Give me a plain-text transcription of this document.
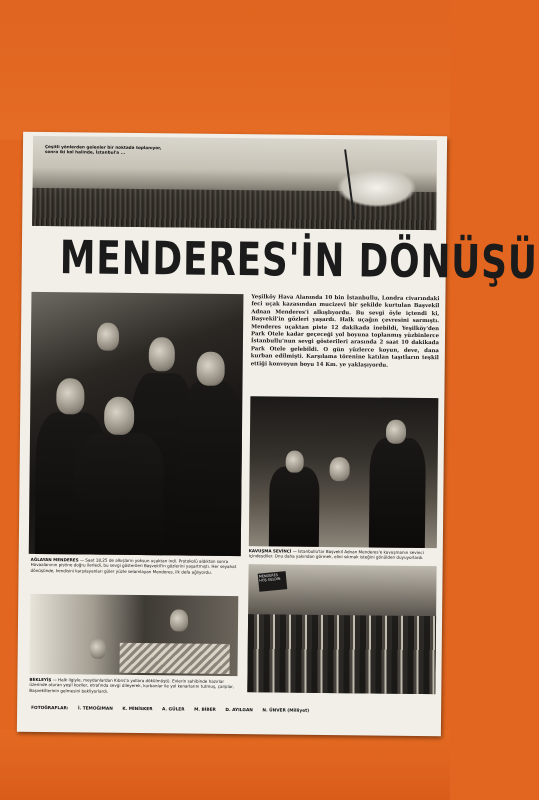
Çeşitli yönlerden gelenler bir noktada toplanıyor, sonra iki kol halinde, İstanbul'a ...
MENDERES'İN DÖNÜŞÜ
Yeşilköy Hava Alanında 10 bin İstanbullu, Londra civarındaki feci uçak kazasından mucizevi bir şekilde kurtulan Başvekil Adnan Menderes'i alkışlıyordu. Bu sevgi öyle içtendi ki, Başvekil'in gözleri yaşardı. Halk uçağın çevresini sarmıştı. Menderes uçaktan piste 12 dakikada inebildi, Yeşilköy'den Park Otele kadar geçeceği yol boyuna toplanmış yüzbinlerce İstanbullu'nun sevgi gösterileri arasında 2 saat 10 dakikada Park Otele gelebildi. O gün yüzlerce koyun, deve, dana kurban edilmişti. Karşılama törenine katılan taşıtların teşkil ettiği konvoyun boyu 14 Km. ye yaklaşıyordu.
KAVUŞMA SEVİNCİ — İstanbullu'lar Başvekil Adnan Menderes'e kavuşmanın sevinci içindeydiler. Onu daha yakından görmek, elini sıkmak isteğini gönülden duyuyorlardı.
AĞLAYAN MENDERES — Saat 18,25 de alkışların yoksun uçaktan indi. Protokolü aldıktan sonra Havaalanının pistine doğru ilerledi, bu sevgi gösterileri Başvekil'in gözlerini yaşartmıştı. Her seyahat dönüşünde, kendisini karşılayanları güler yüzle selamlayan Menderes, ilk defa ağlıyordu.
BEKLEYİŞ — Halk ilgiyle, meydanlardan Kıbrıs'a yollara dökülmüştü. Evlerin sahibinde hazırlar üzerinde oturan yeşil koziler, etrafında sevgi dileyerek, kurbanlar ile yol kenarlarını tutmuş, çarşılar, Başvekillerinin gelmesini bekliyorlardı.
MENDERES HOŞ GELDİN
FOTOĞRAFLAR: İ. TEMOĞIMAN K. MİNİSKER A. GÜLER M. BİBER D. AYILGAN N. ÜNVER (Milliyet)
